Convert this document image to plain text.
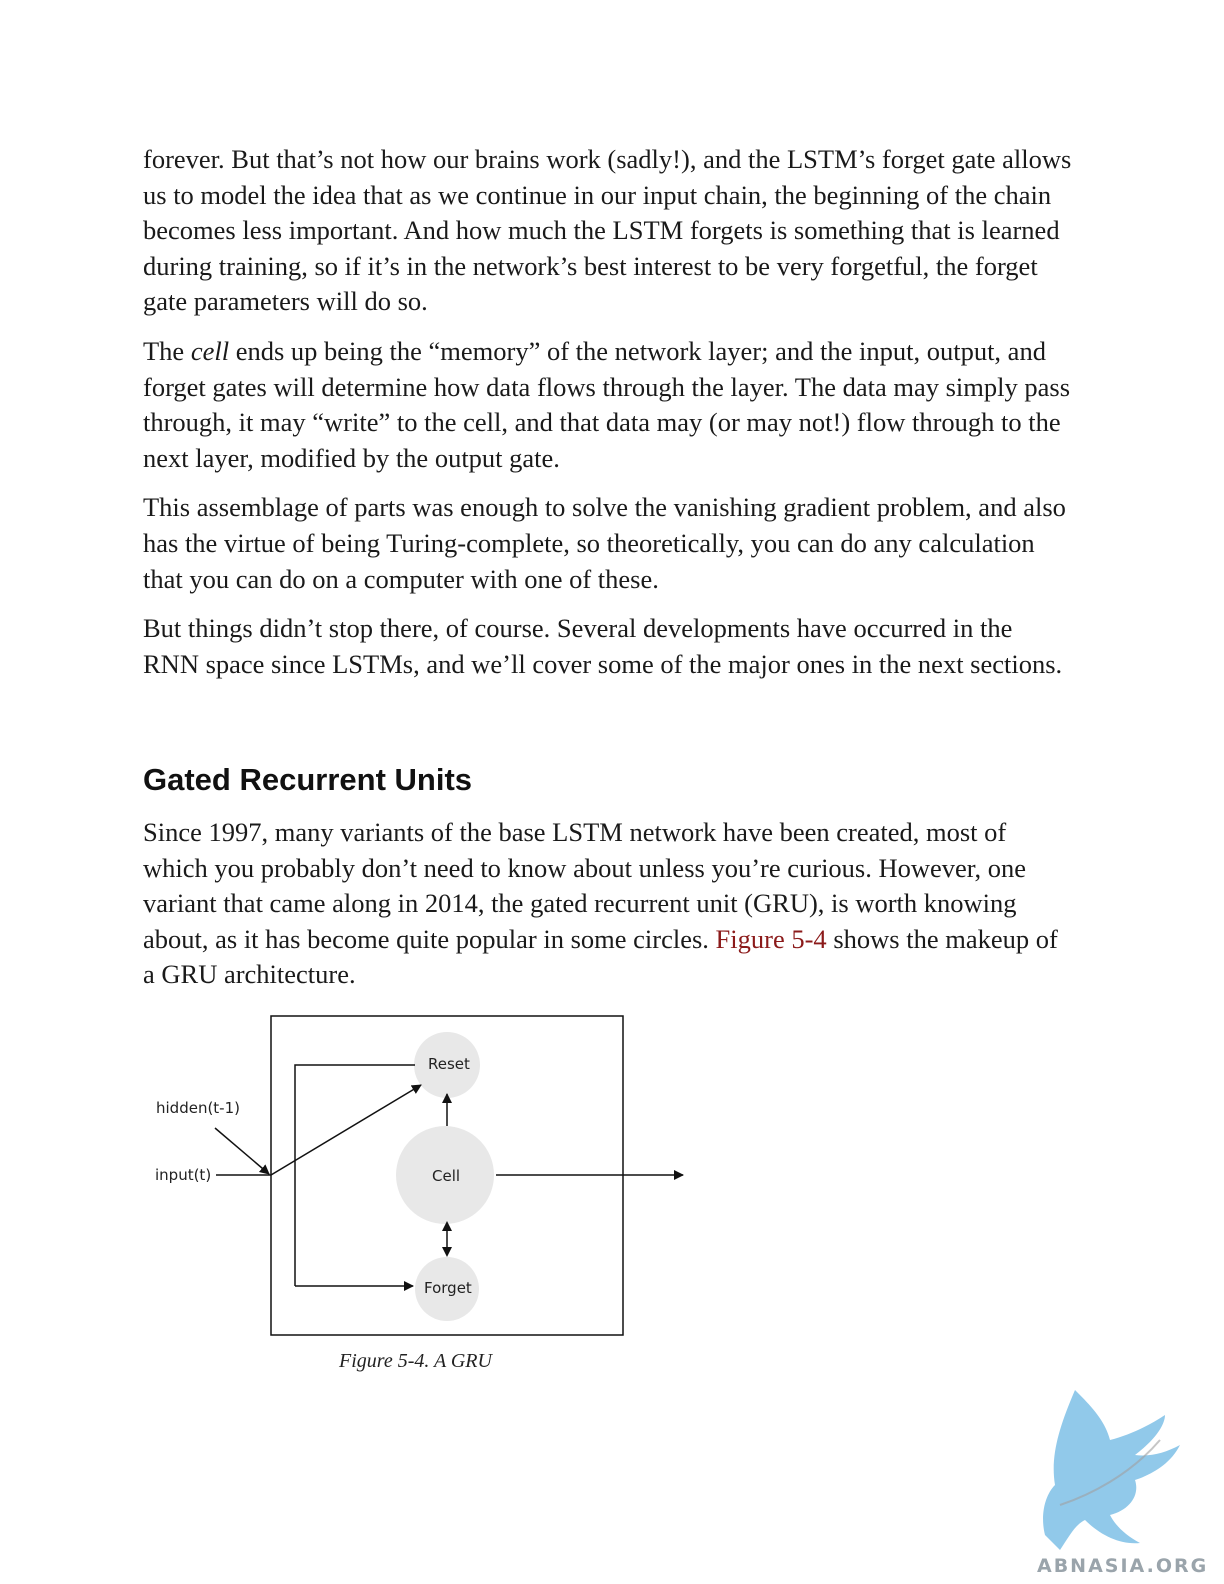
forever. But that’s not how our brains work (sadly!), and the LSTM’s forget gate allows us to model the idea that as we continue in our input chain, the beginning of the chain becomes less important. And how much the LSTM forgets is something that is learned during training, so if it’s in the network’s best interest to be very forgetful, the forget gate parameters will do so.

The cell ends up being the “memory” of the network layer; and the input, output, and forget gates will determine how data flows through the layer. The data may simply pass through, it may “write” to the cell, and that data may (or may not!) flow through to the next layer, modified by the output gate.

This assemblage of parts was enough to solve the vanishing gradient problem, and also has the virtue of being Turing-complete, so theoretically, you can do any calculation that you can do on a computer with one of these.

But things didn’t stop there, of course. Several developments have occurred in the RNN space since LSTMs, and we’ll cover some of the major ones in the next sections.

Gated Recurrent Units

Since 1997, many variants of the base LSTM network have been created, most of which you probably don’t need to know about unless you’re curious. However, one variant that came along in 2014, the gated recurrent unit (GRU), is worth knowing about, as it has become quite popular in some circles. Figure 5-4 shows the makeup of a GRU architecture.

hidden(t-1)
input(t)
Reset
Cell
Forget
Figure 5-4. A GRU
ABNASIA.ORG
